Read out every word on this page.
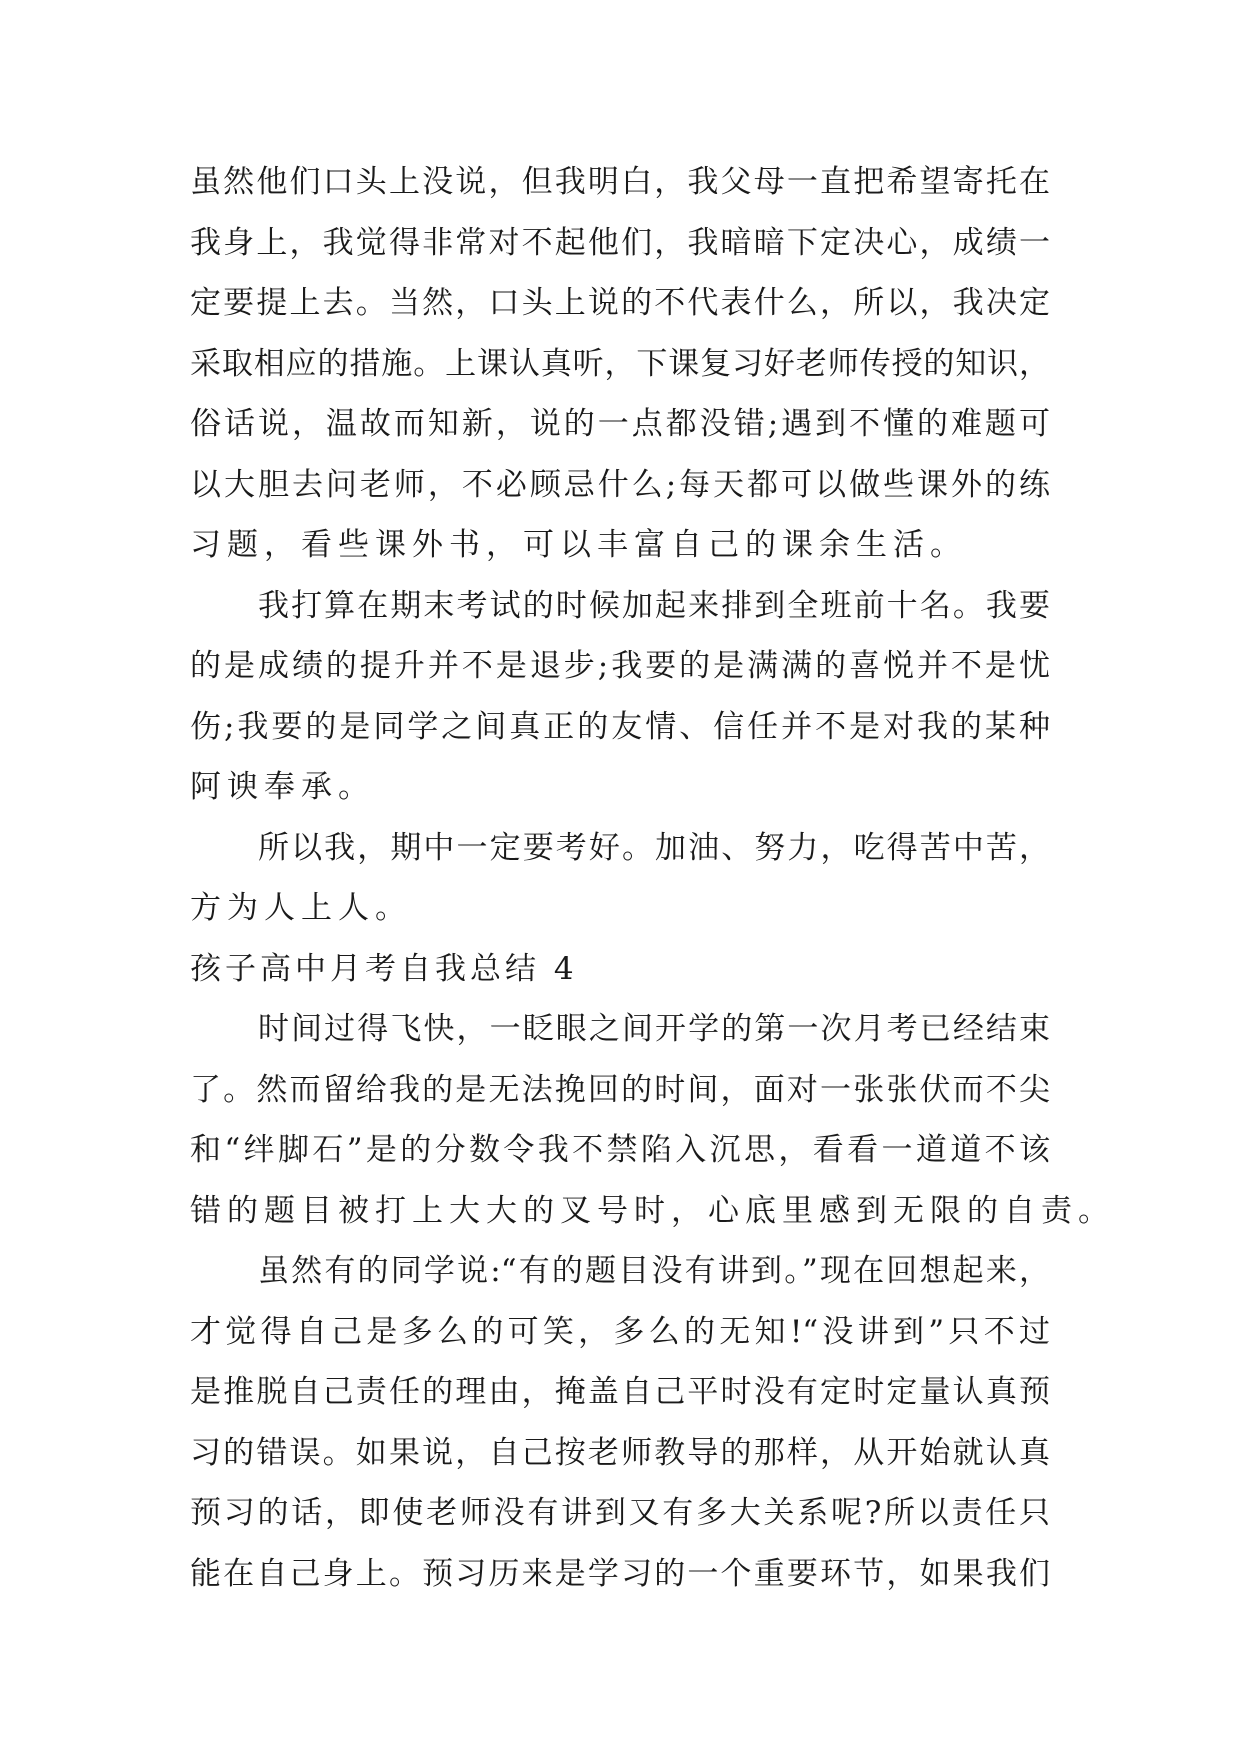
虽然他们口头上没说，但我明白，我父母一直把希望寄托在
我身上，我觉得非常对不起他们，我暗暗下定决心，成绩一
定要提上去。当然，口头上说的不代表什么，所以，我决定
采取相应的措施。上课认真听，下课复习好老师传授的知识，
俗话说，温故而知新，说的一点都没错;遇到不懂的难题可
以大胆去问老师，不必顾忌什么;每天都可以做些课外的练
习题，看些课外书，可以丰富自己的课余生活。
我打算在期末考试的时候加起来排到全班前十名。我要
的是成绩的提升并不是退步;我要的是满满的喜悦并不是忧
伤;我要的是同学之间真正的友情、信任并不是对我的某种
阿谀奉承。
所以我，期中一定要考好。加油、努力，吃得苦中苦，
方为人上人。
孩子高中月考自我总结 4
时间过得飞快，一眨眼之间开学的第一次月考已经结束
了。然而留给我的是无法挽回的时间，面对一张张伏而不尖
和“绊脚石”是的分数令我不禁陷入沉思，看看一道道不该
错的题目被打上大大的叉号时，心底里感到无限的自责。
虽然有的同学说:“有的题目没有讲到。”现在回想起来，
才觉得自己是多么的可笑，多么的无知!“没讲到”只不过
是推脱自己责任的理由，掩盖自己平时没有定时定量认真预
习的错误。如果说，自己按老师教导的那样，从开始就认真
预习的话，即使老师没有讲到又有多大关系呢?所以责任只
能在自己身上。预习历来是学习的一个重要环节，如果我们
